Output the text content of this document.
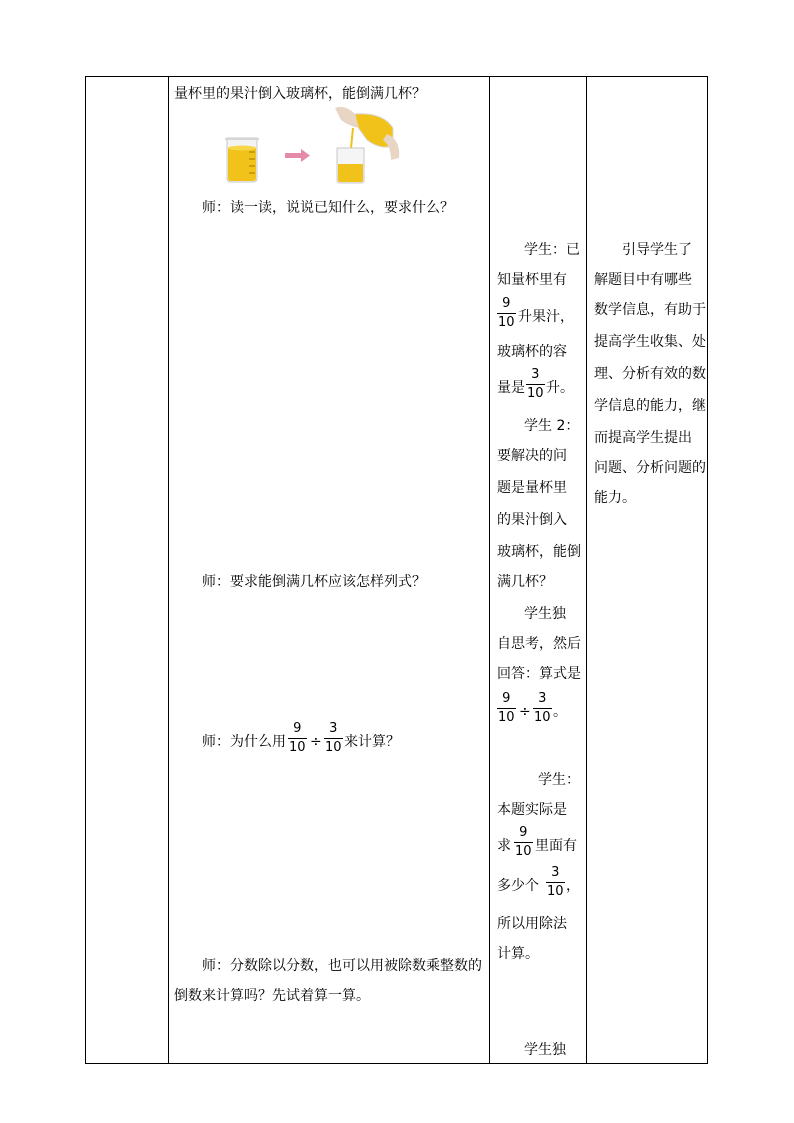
量杯里的果汁倒入玻璃杯，能倒满几杯？
师：读一读，说说已知什么，要求什么？
师：要求能倒满几杯应该怎样列式？
师：为什么用
9
10 ÷
3
10 来计算？
师：分数除以分数，也可以用被除数乘整数的
倒数来计算吗？先试着算一算。
学生：已
知量杯里有
9
10 升果汁，
玻璃杯的容
量是
3
10 升。
学生 2：
要解决的问
题是量杯里
的果汁倒入
玻璃杯，能倒
满几杯？
学生独
自思考，然后
回答：算式是
9
10 ÷
3
10 。
学生：
本题实际是
求
9
10 里面有
多少个
3
10 ，
所以用除法
计算。
学生独
引导学生了
解题目中有哪些
数学信息，有助于
提高学生收集、处
理、分析有效的数
学信息的能力，继
而提高学生提出
问题、分析问题的
能力。
